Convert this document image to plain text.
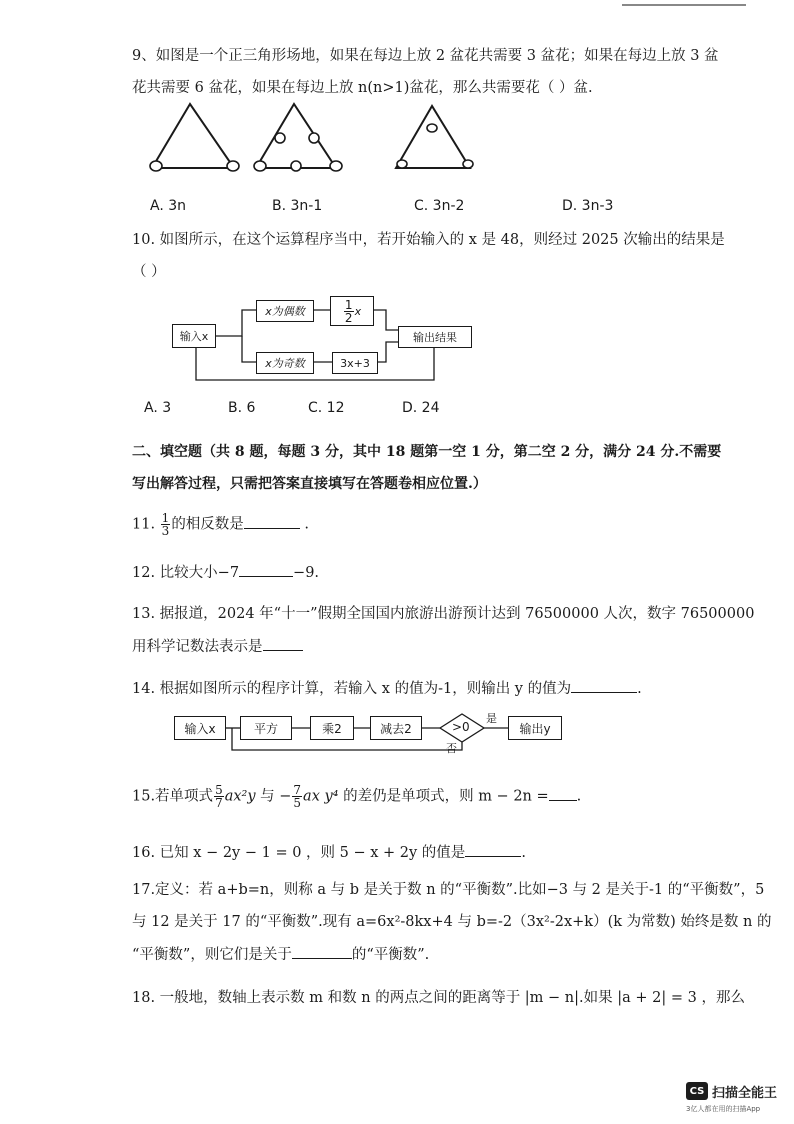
9、如图是一个正三角形场地，如果在每边上放 2 盆花共需要 3 盆花；如果在每边上放 3 盆
花共需要 6 盆花，如果在每边上放 n(n>1)盆花，那么共需要花（ ）盆.
A. 3n	B. 3n-1	C. 3n-2	D. 3n-3
10. 如图所示，在这个运算程序当中，若开始输入的 x 是 48，则经过 2025 次输出的结果是
（ ）
输入x
x为偶数	$\frac{1}{2}$ x
x为奇数	3x+3
输出结果
A. 3	B. 6	C. 12	D. 24
二、填空题（共 8 题，每题 3 分，其中 18 题第一空 1 分，第二空 2 分，满分 24 分.不需要
写出解答过程，只需把答案直接填写在答题卷相应位置.）
11. $\frac{1}{3}$ 的相反数是	.
12. 比较大小−7	−9.
13. 据报道，2024 年“十一”假期全国国内旅游出游预计达到 76500000 人次，数字 76500000
用科学记数法表示是
14. 根据如图所示的程序计算，若输入 x 的值为-1，则输出 y 的值为	.
输入x	平方	乘2	减去2	>0
是
否
输出y
15.若单项式 $\frac{5}{7} ax^2y$ 与 − $\frac{7}{5}$ ax y⁴ 的差仍是单项式，则 m − 2n = .
16. 已知 x − 2y − 1 = 0 ，则 5 − x + 2y 的值是	.
17.定义：若 a+b=n，则称 a 与 b 是关于数 n 的“平衡数”.比如−3 与 2 是关于-1 的“平衡数”，5
与 12 是关于 17 的“平衡数”.现有 a=6x²-8kx+4 与 b=-2（3x²-2x+k）(k 为常数) 始终是数 n 的
“平衡数”，则它们是关于	的“平衡数”.
18. 一般地，数轴上表示数 m 和数 n 的两点之间的距离等于 |m − n|.如果 |a + 2| = 3 ，那么
CS 扫描全能王
3亿人都在用的扫描App
